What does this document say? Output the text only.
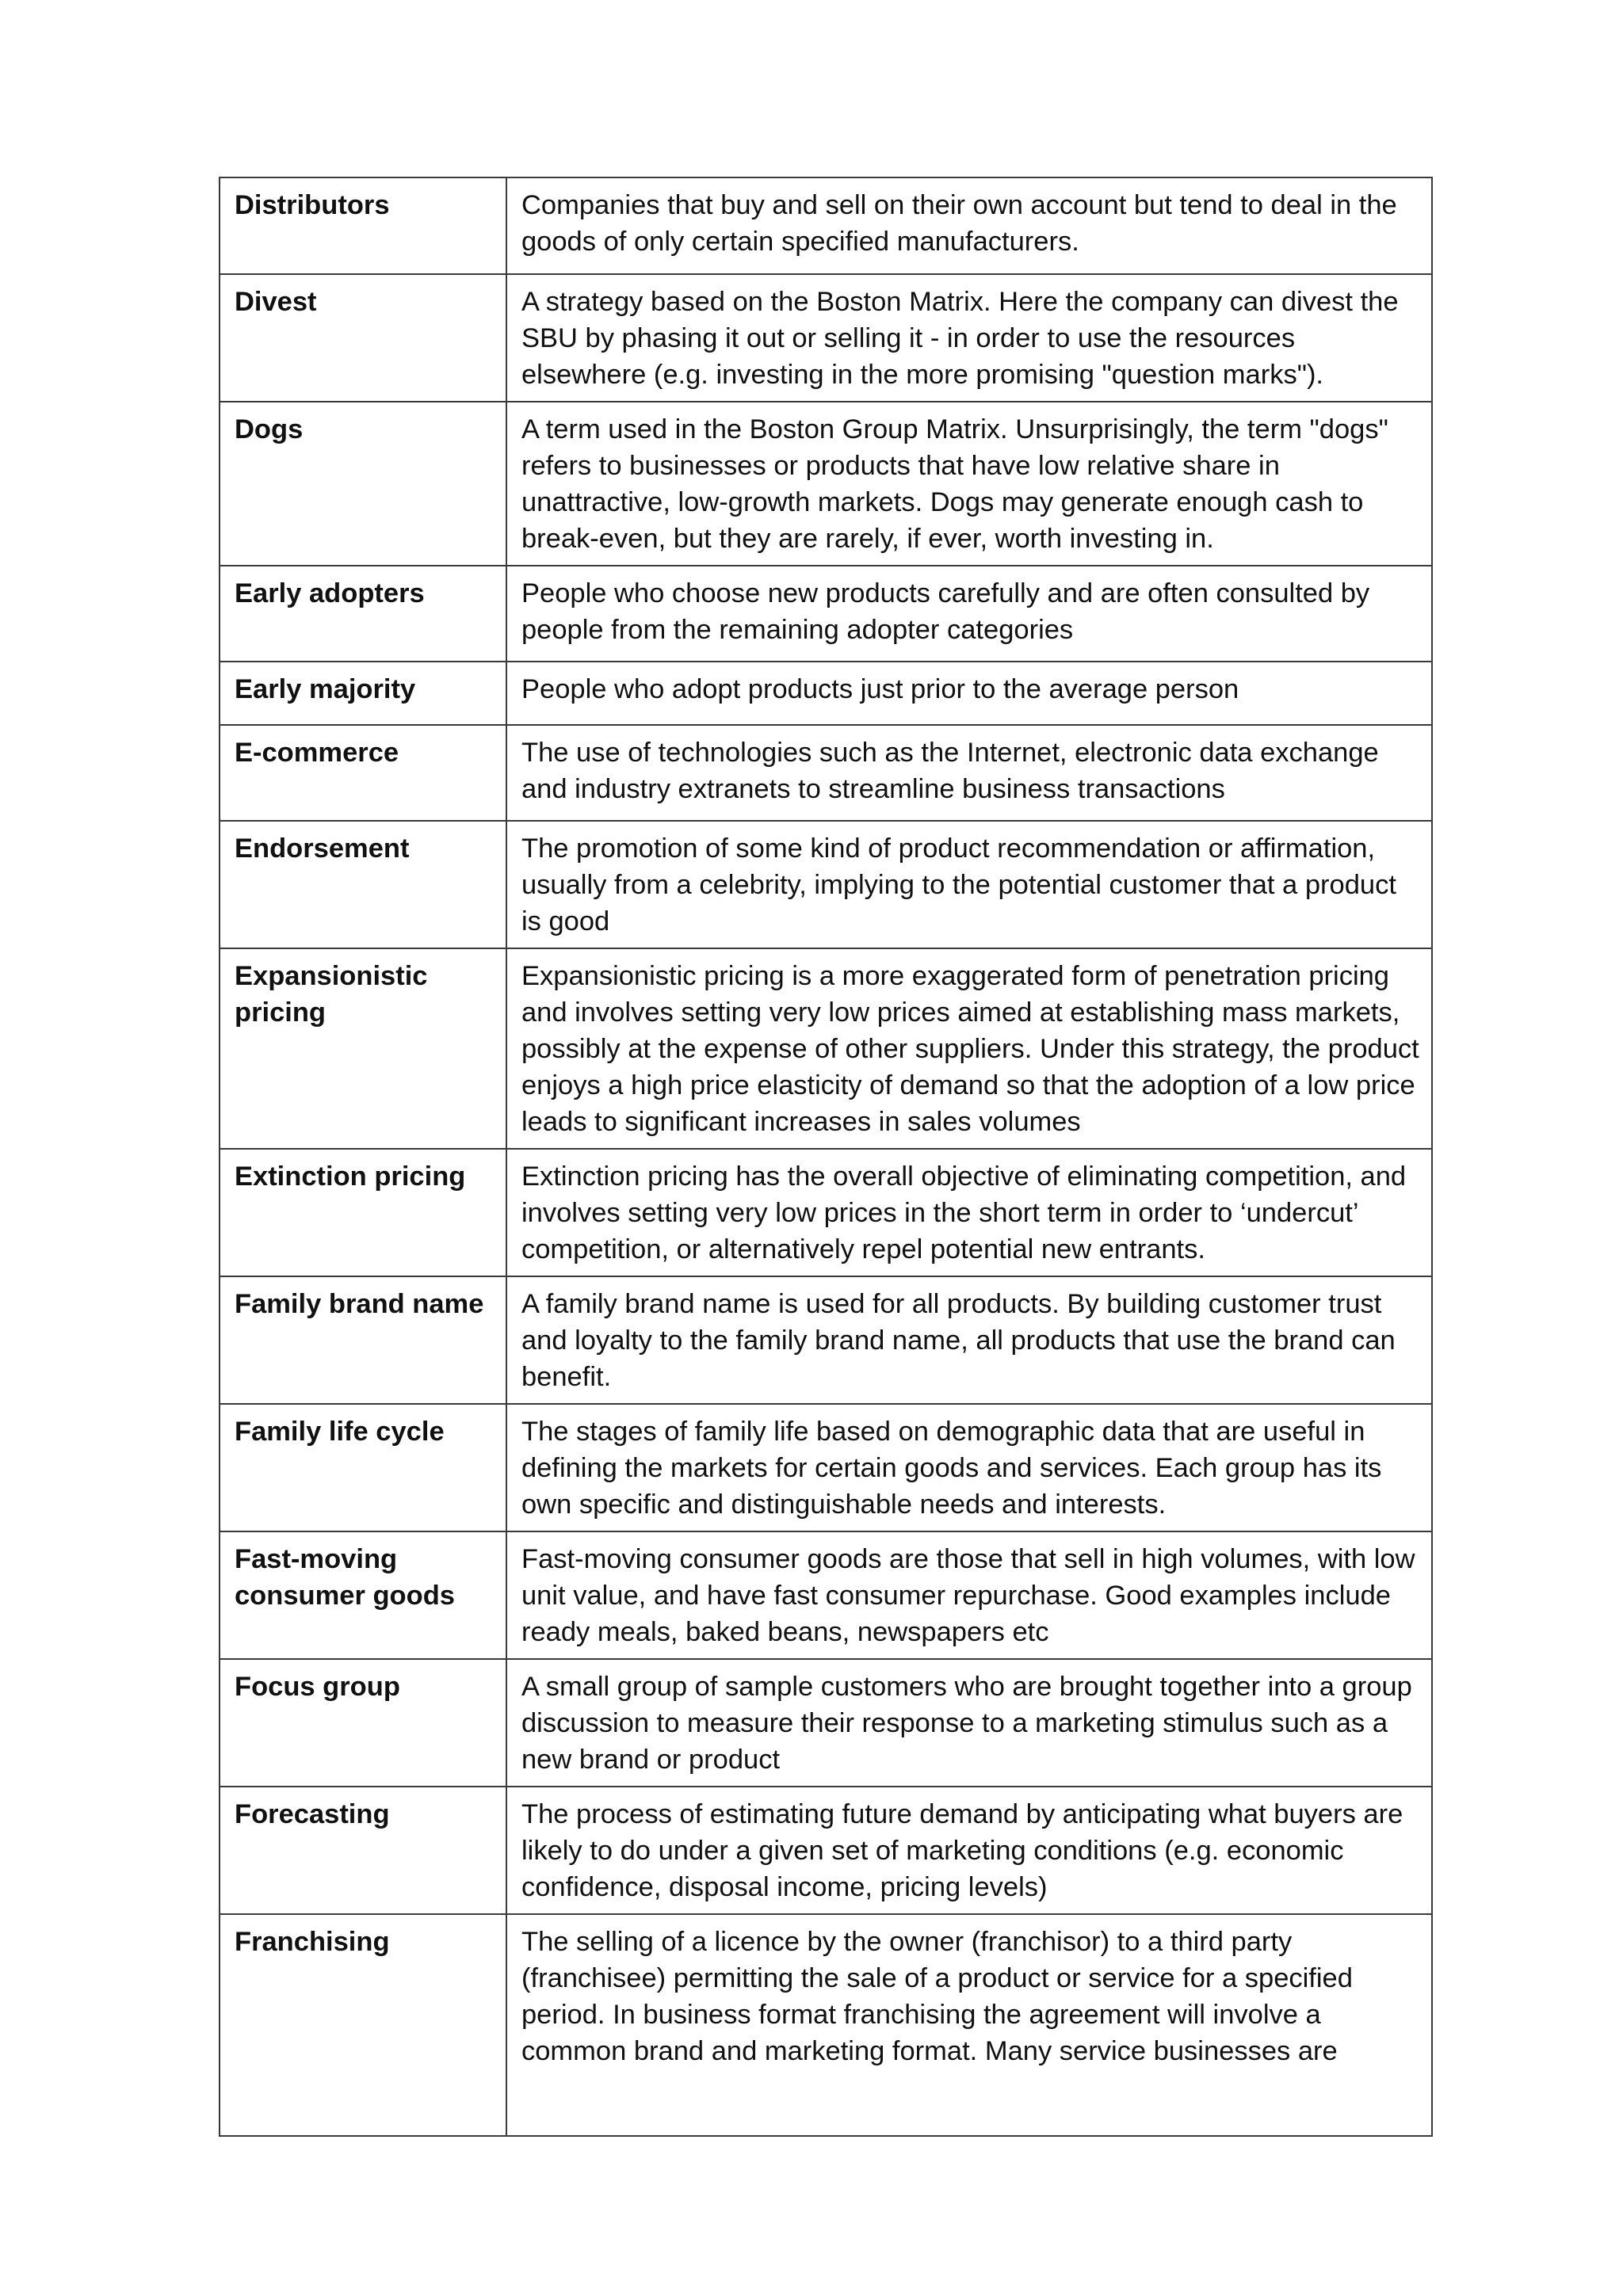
Distributors	Companies that buy and sell on their own account but tend to deal in the goods of only certain specified manufacturers.
Divest	A strategy based on the Boston Matrix. Here the company can divest the SBU by phasing it out or selling it - in order to use the resources elsewhere (e.g. investing in the more promising "question marks").
Dogs	A term used in the Boston Group Matrix. Unsurprisingly, the term "dogs" refers to businesses or products that have low relative share in unattractive, low-growth markets. Dogs may generate enough cash to break-even, but they are rarely, if ever, worth investing in.
Early adopters	People who choose new products carefully and are often consulted by people from the remaining adopter categories
Early majority	People who adopt products just prior to the average person
E-commerce	The use of technologies such as the Internet, electronic data exchange and industry extranets to streamline business transactions
Endorsement	The promotion of some kind of product recommendation or affirmation, usually from a celebrity, implying to the potential customer that a product is good
Expansionistic pricing	Expansionistic pricing is a more exaggerated form of penetration pricing and involves setting very low prices aimed at establishing mass markets, possibly at the expense of other suppliers. Under this strategy, the product enjoys a high price elasticity of demand so that the adoption of a low price leads to significant increases in sales volumes
Extinction pricing	Extinction pricing has the overall objective of eliminating competition, and involves setting very low prices in the short term in order to ‘undercut’ competition, or alternatively repel potential new entrants.
Family brand name	A family brand name is used for all products. By building customer trust and loyalty to the family brand name, all products that use the brand can benefit.
Family life cycle	The stages of family life based on demographic data that are useful in defining the markets for certain goods and services. Each group has its own specific and distinguishable needs and interests.
Fast-moving consumer goods	Fast-moving consumer goods are those that sell in high volumes, with low unit value, and have fast consumer repurchase. Good examples include ready meals, baked beans, newspapers etc
Focus group	A small group of sample customers who are brought together into a group discussion to measure their response to a marketing stimulus such as a new brand or product
Forecasting	The process of estimating future demand by anticipating what buyers are likely to do under a given set of marketing conditions (e.g. economic confidence, disposal income, pricing levels)
Franchising	The selling of a licence by the owner (franchisor) to a third party (franchisee) permitting the sale of a product or service for a specified period. In business format franchising the agreement will involve a common brand and marketing format. Many service businesses are
